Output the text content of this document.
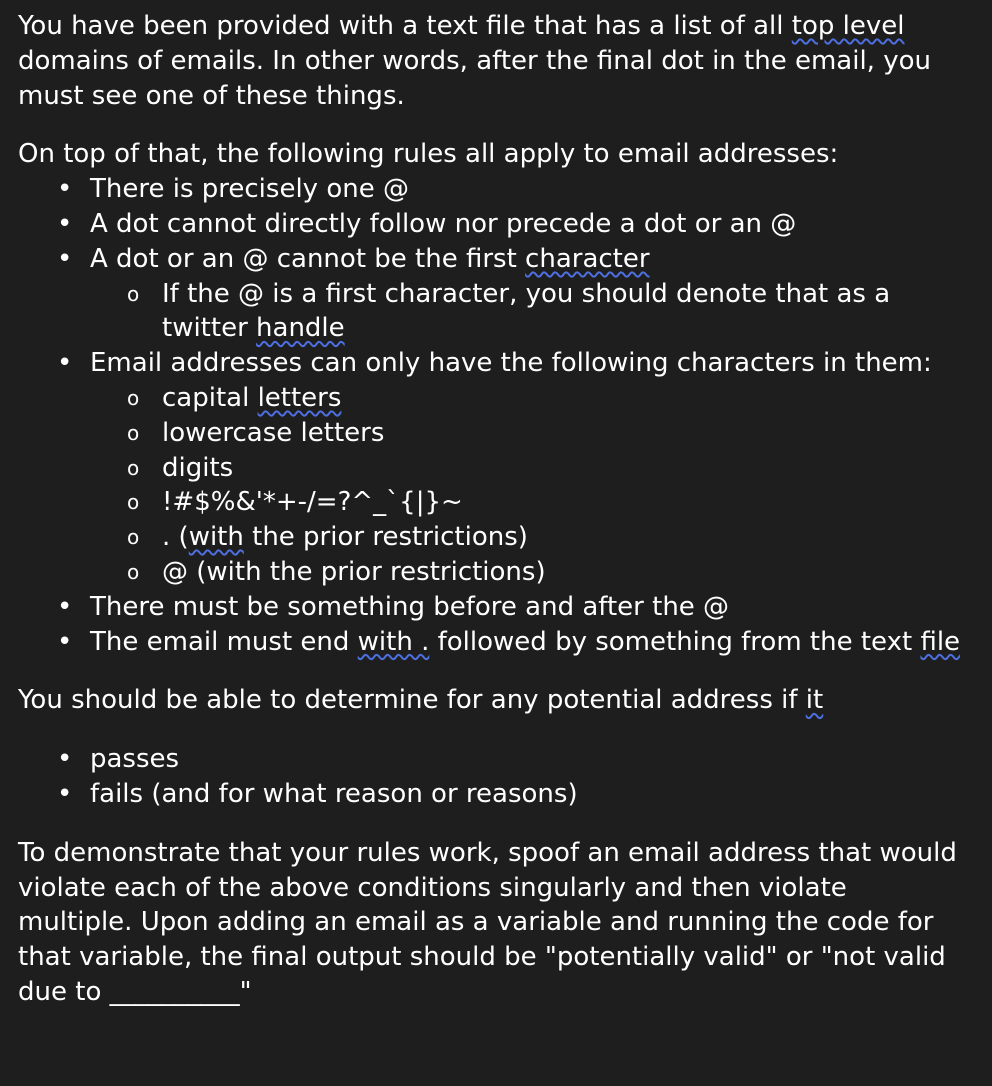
You have been provided with a text file that has a list of all top level domains of emails. In other words, after the final dot in the email, you must see one of these things.

On top of that, the following rules all apply to email addresses:

• There is precisely one @
• A dot cannot directly follow nor precede a dot or an @
• A dot or an @ cannot be the first character
o If the @ is a first character, you should denote that as a twitter handle
• Email addresses can only have the following characters in them:
o capital letters
o lowercase letters
o digits
o !#$%&'*+-/=?^_`{|}~
o . (with the prior restrictions)
o @ (with the prior restrictions)
• There must be something before and after the @
• The email must end with . followed by something from the text file

You should be able to determine for any potential address if it

• passes
• fails (and for what reason or reasons)

To demonstrate that your rules work, spoof an email address that would violate each of the above conditions singularly and then violate multiple. Upon adding an email as a variable and running the code for that variable, the final output should be "potentially valid" or "not valid due to __________"
